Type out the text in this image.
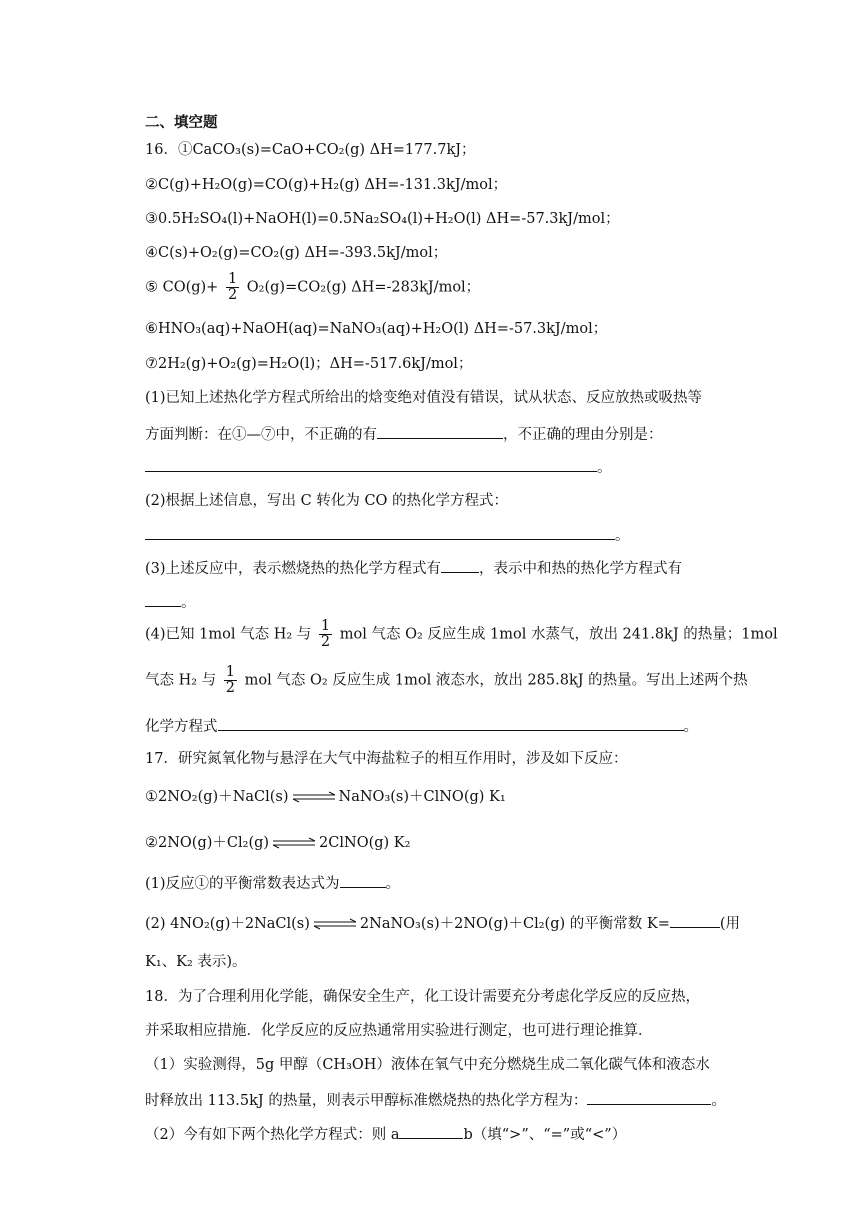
二、填空题
16．①CaCO₃(s)=CaO+CO₂(g) ΔH=177.7kJ；
②C(g)+H₂O(g)=CO(g)+H₂(g) ΔH=-131.3kJ/mol；
③0.5H₂SO₄(l)+NaOH(l)=0.5Na₂SO₄(l)+H₂O(l) ΔH=-57.3kJ/mol；
④C(s)+O₂(g)=CO₂(g) ΔH=-393.5kJ/mol；
⑤ $CO(g)+ \frac{1}{2} O_2(g)=CO_2(g)$ ΔH=-283kJ/mol；
⑥HNO₃(aq)+NaOH(aq)=NaNO₃(aq)+H₂O(l) ΔH=-57.3kJ/mol；
⑦2H₂(g)+O₂(g)=H₂O(l)；ΔH=-517.6kJ/mol；
(1)已知上述热化学方程式所给出的焓变绝对值没有错误，试从状态、反应放热或吸热等
方面判断：在①—⑦中，不正确的有	，不正确的理由分别是：
。
(2)根据上述信息，写出 C 转化为 CO 的热化学方程式：
。
(3)上述反应中，表示燃烧热的热化学方程式有	，表示中和热的热化学方程式有
。
(4)已知 1mol 气态 H₂ 与 $\frac{1}{2}$ mol 气态 O₂ 反应生成 1mol 水蒸气，放出 241.8kJ 的热量；1mol
气态 H₂ 与 $\frac{1}{2}$ mol 气态 O₂ 反应生成 1mol 液态水，放出 285.8kJ 的热量。写出上述两个热
化学方程式	。
17．研究氮氧化物与悬浮在大气中海盐粒子的相互作用时，涉及如下反应：
①2NO₂(g)＋NaCl(s) ⇌ NaNO₃(s)＋ClNO(g) K₁
②2NO(g)＋Cl₂(g) ⇌ 2ClNO(g) K₂
(1)反应①的平衡常数表达式为	。
(2) 4NO₂(g)＋2NaCl(s) ⇌ 2NaNO₃(s)＋2NO(g)＋Cl₂(g) 的平衡常数 K=	(用
K₁、K₂ 表示)。
18．为了合理利用化学能，确保安全生产，化工设计需要充分考虑化学反应的反应热，
并采取相应措施．化学反应的反应热通常用实验进行测定，也可进行理论推算．
（1）实验测得，5g 甲醇（CH₃OH）液体在氧气中充分燃烧生成二氧化碳气体和液态水
时释放出 113.5kJ 的热量，则表示甲醇标准燃烧热的热化学方程为：	。
（2）今有如下两个热化学方程式：则 a	b（填“>”、“=”或“<”）
